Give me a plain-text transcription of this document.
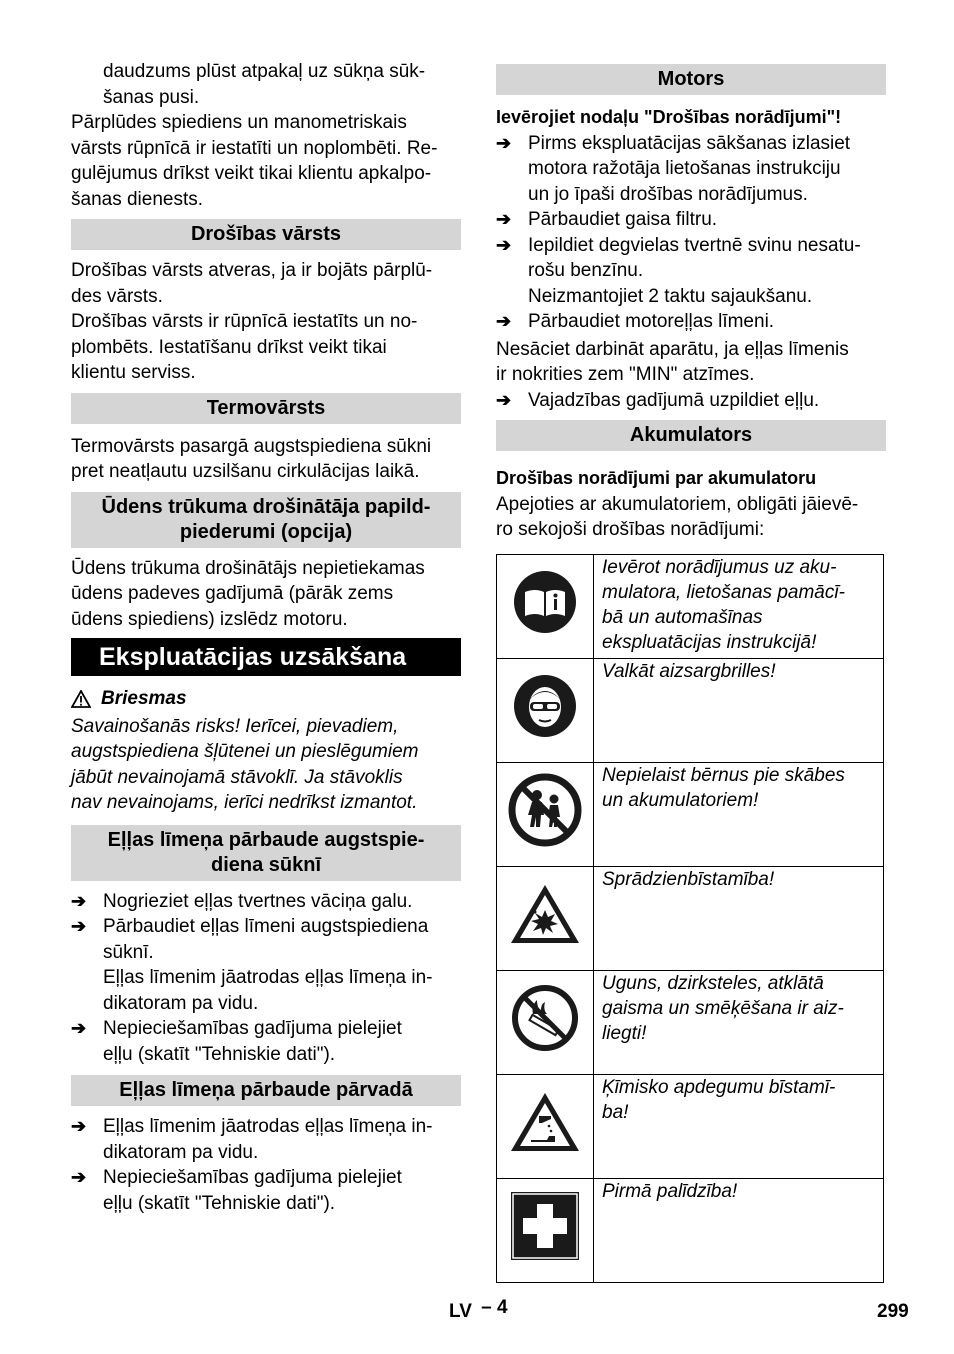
daudzums plūst atpakaļ uz sūkņa sūk-
šanas pusi.
Pārplūdes spiediens un manometriskais
vārsts rūpnīcā ir iestatīti un noplombēti. Re-
gulējumus drīkst veikt tikai klientu apkalpo-
šanas dienests.
Drošības vārsts
Drošības vārsts atveras, ja ir bojāts pārplū-
des vārsts.
Drošības vārsts ir rūpnīcā iestatīts un no-
plombēts. Iestatīšanu drīkst veikt tikai
klientu serviss.
Termovārsts
Termovārsts pasargā augstspiediena sūkni
pret neatļautu uzsilšanu cirkulācijas laikā.
Ūdens trūkuma drošinātāja papild-
piederumi (opcija)
Ūdens trūkuma drošinātājs nepietiekamas
ūdens padeves gadījumā (pārāk zems
ūdens spiediens) izslēdz motoru.
Ekspluatācijas uzsākšana
Briesmas
Savainošanās risks! Ierīcei, pievadiem,
augstspiediena šļūtenei un pieslēgumiem
jābūt nevainojamā stāvoklī. Ja stāvoklis
nav nevainojams, ierīci nedrīkst izmantot.
Eļļas līmeņa pārbaude augstspie-
diena sūknī
➔ Nogrieziet eļļas tvertnes vāciņa galu.
➔ Pārbaudiet eļļas līmeni augstspiediena
sūknī.
Eļļas līmenim jāatrodas eļļas līmeņa in-
dikatoram pa vidu.
➔ Nepieciešamības gadījuma pielejiet
eļļu (skatīt "Tehniskie dati").
Eļļas līmeņa pārbaude pārvadā
➔ Eļļas līmenim jāatrodas eļļas līmeņa in-
dikatoram pa vidu.
➔ Nepieciešamības gadījuma pielejiet
eļļu (skatīt "Tehniskie dati").
Motors
Ievērojiet nodaļu "Drošības norādījumi"!
➔ Pirms ekspluatācijas sākšanas izlasiet
motora ražotāja lietošanas instrukciju
un jo īpaši drošības norādījumus.
➔ Pārbaudiet gaisa filtru.
➔ Iepildiet degvielas tvertnē svinu nesatu-
rošu benzīnu.
Neizmantojiet 2 taktu sajaukšanu.
➔ Pārbaudiet motoreļļas līmeni.
Nesāciet darbināt aparātu, ja eļļas līmenis
ir nokrities zem "MIN" atzīmes.
➔ Vajadzības gadījumā uzpildiet eļļu.
Akumulators
Drošības norādījumi par akumulatoru
Apejoties ar akumulatoriem, obligāti jāievē-
ro sekojoši drošības norādījumi:

Ievērot norādījumus uz aku-
mulatora, lietošanas pamācī-
bā un automašīnas
ekspluatācijas instrukcijā!

Valkāt aizsargbrilles!

Nepielaist bērnus pie skābes
un akumulatoriem!

Sprādzienbīstamība!

Uguns, dzirksteles, atklātā
gaisma un smēķēšana ir aiz-
liegti!

Ķīmisko apdegumu bīstamī-
ba!

Pirmā palīdzība!
LV – 4	299
